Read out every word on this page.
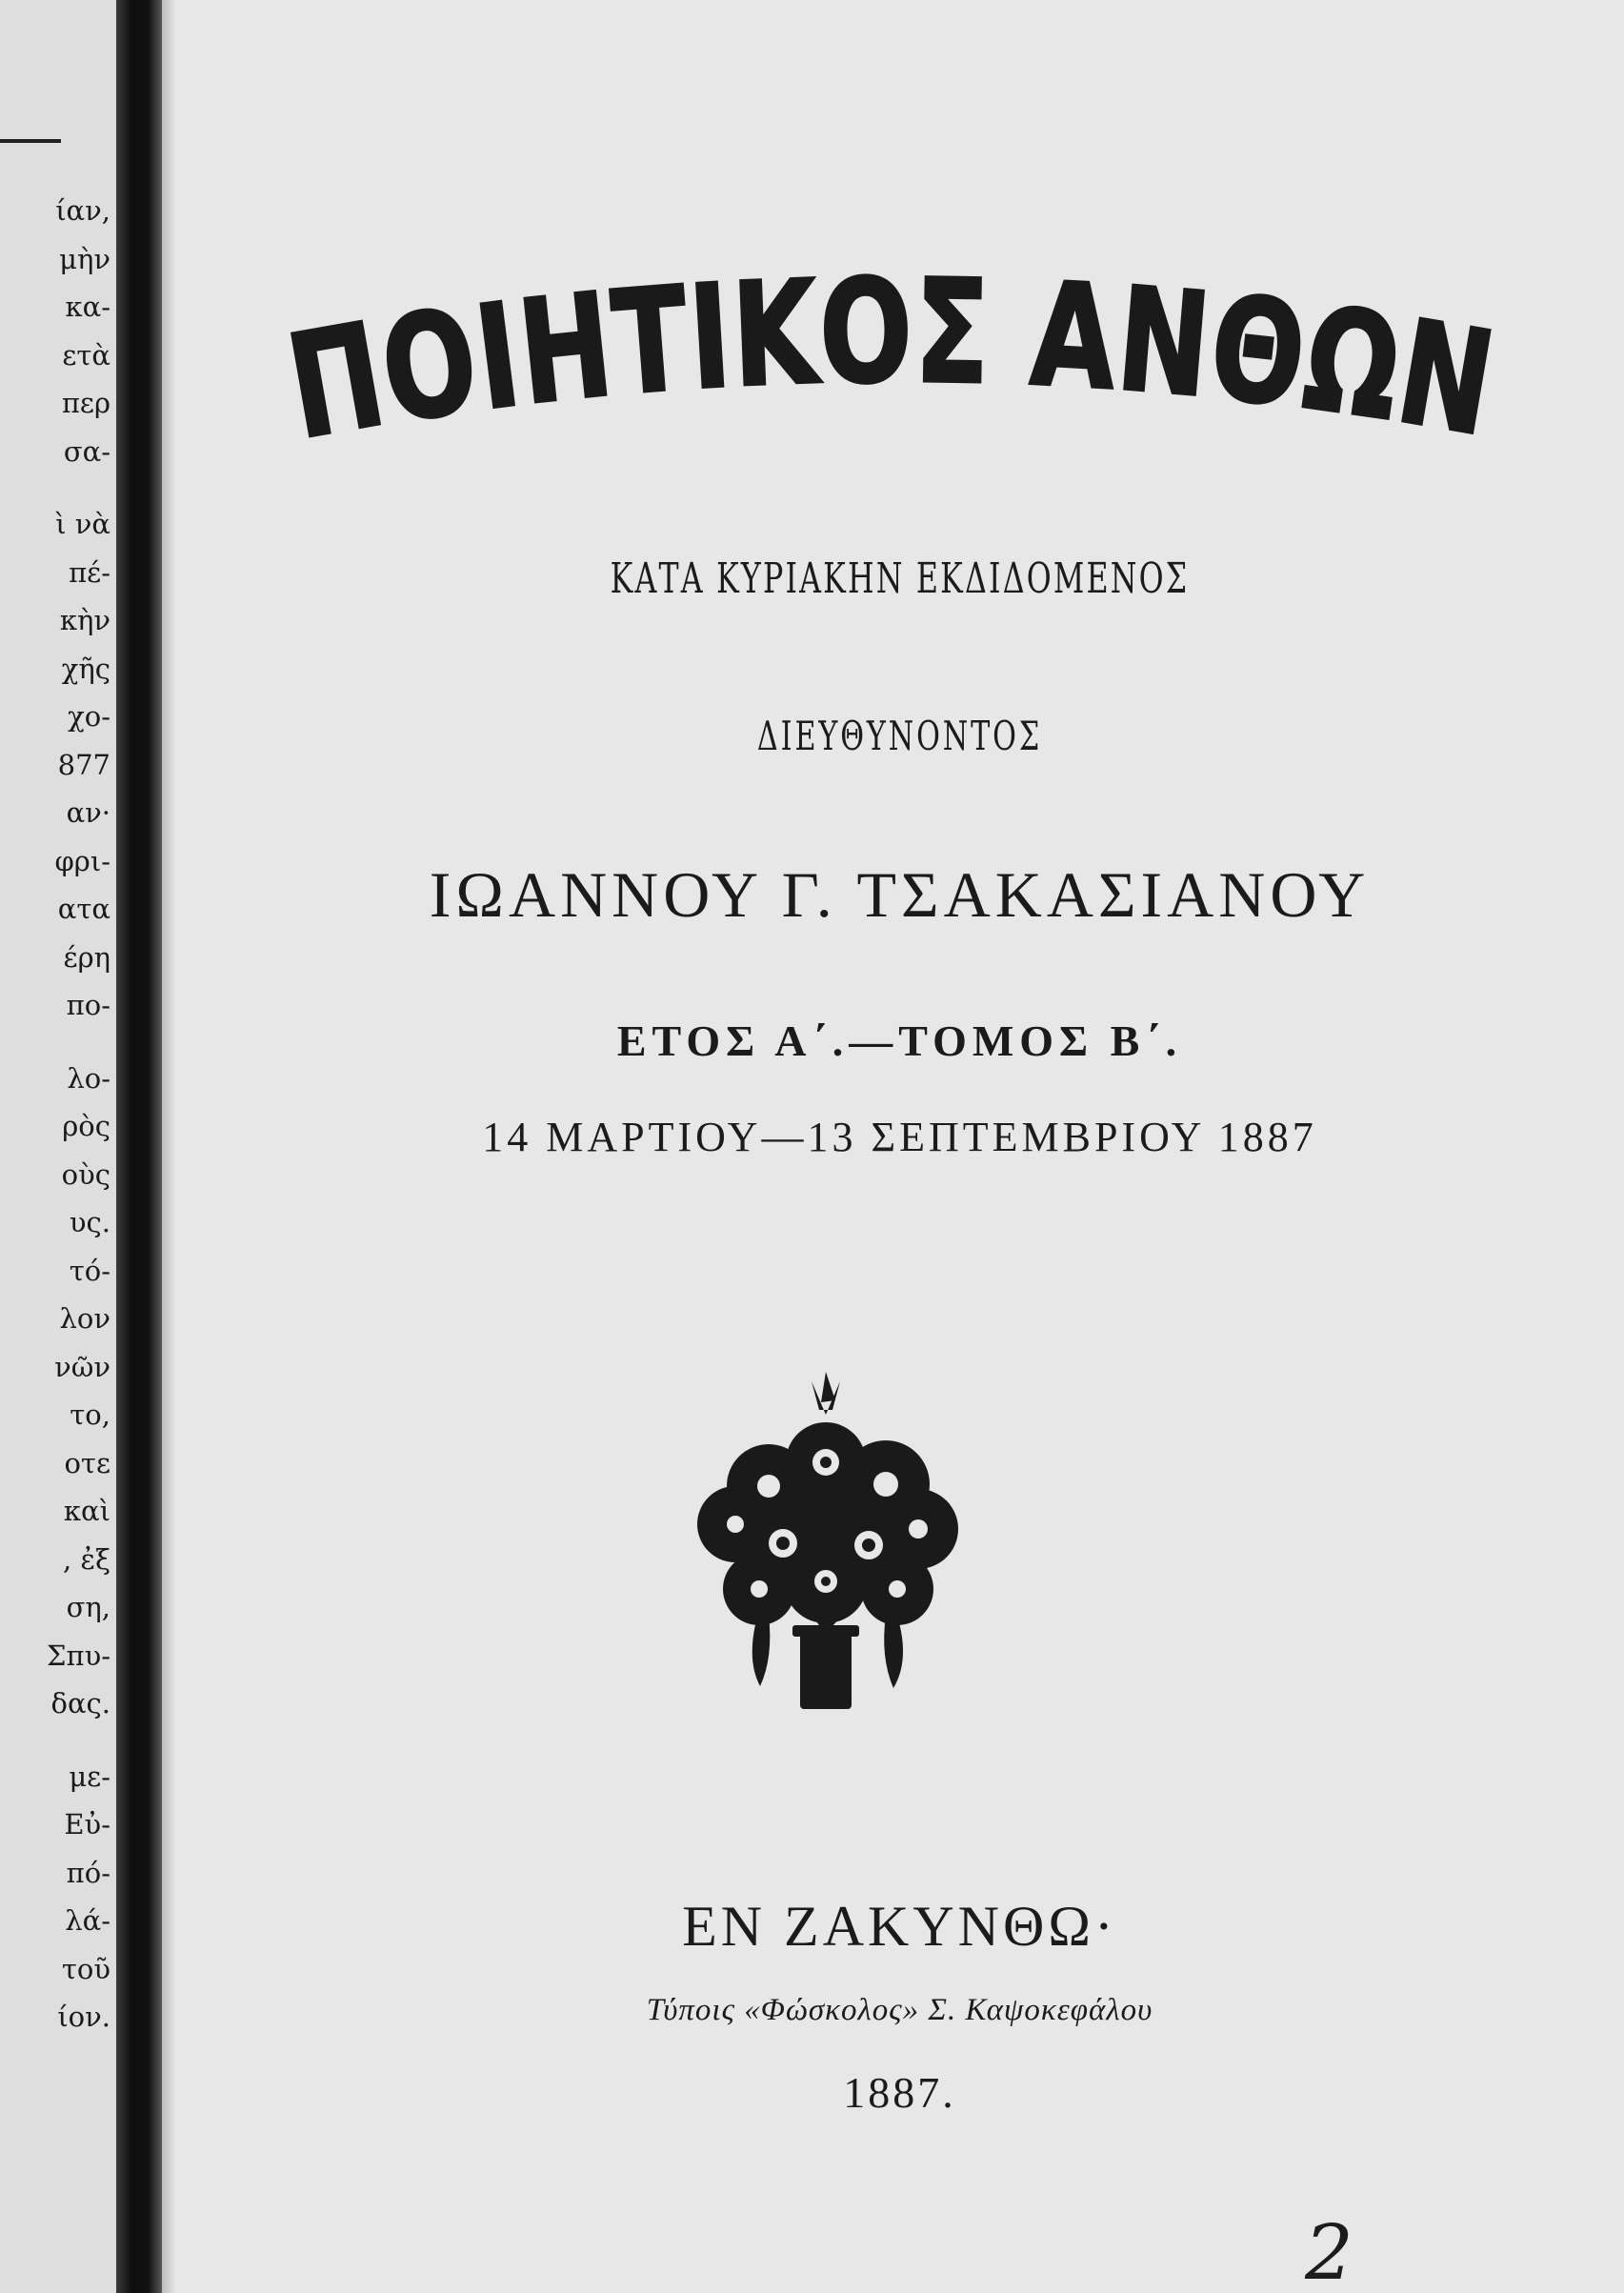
ίαν,
μὴν
κα-
ετὰ
περ
σα-
ὶ νὰ
πέ-
κὴν
χῆς
χο-
877
αν·
φρι-
ατα
έρη
πο-
λο-
ρὸς
οὺς
υς.
τό-
λον
νῶν
το,
οτε
καὶ
, ἐξ
ση,
Σπυ-
δας.
με-
Εὐ-
πό-
λά-
τοῦ
ίον.
ΠΟΙΗΤΙΚΟΣ ΑΝΘΩ
ΚΑΤΑ ΚΥΡΙΑΚΗΝ ΕΚΔΙΔΟΜΕΝΟΣ
ΔΙΕΥΘΥΝΟΝΤΟΣ
ΙΩΑΝΝΟΥ Γ. ΤΣΑΚΑΣΙΑΝΟΥ
ΕΤΟΣ Α΄.—ΤΟΜΟΣ Β΄.
14 ΜΑΡΤΙΟΥ—13 ΣΕΠΤΕΜΒΡΙΟΥ 1887
ΕΝ ΖΑΚΥΝΘΩ·
Τύποις «Φώσκολος» Σ. Καψοκεφάλου
1887.
2
